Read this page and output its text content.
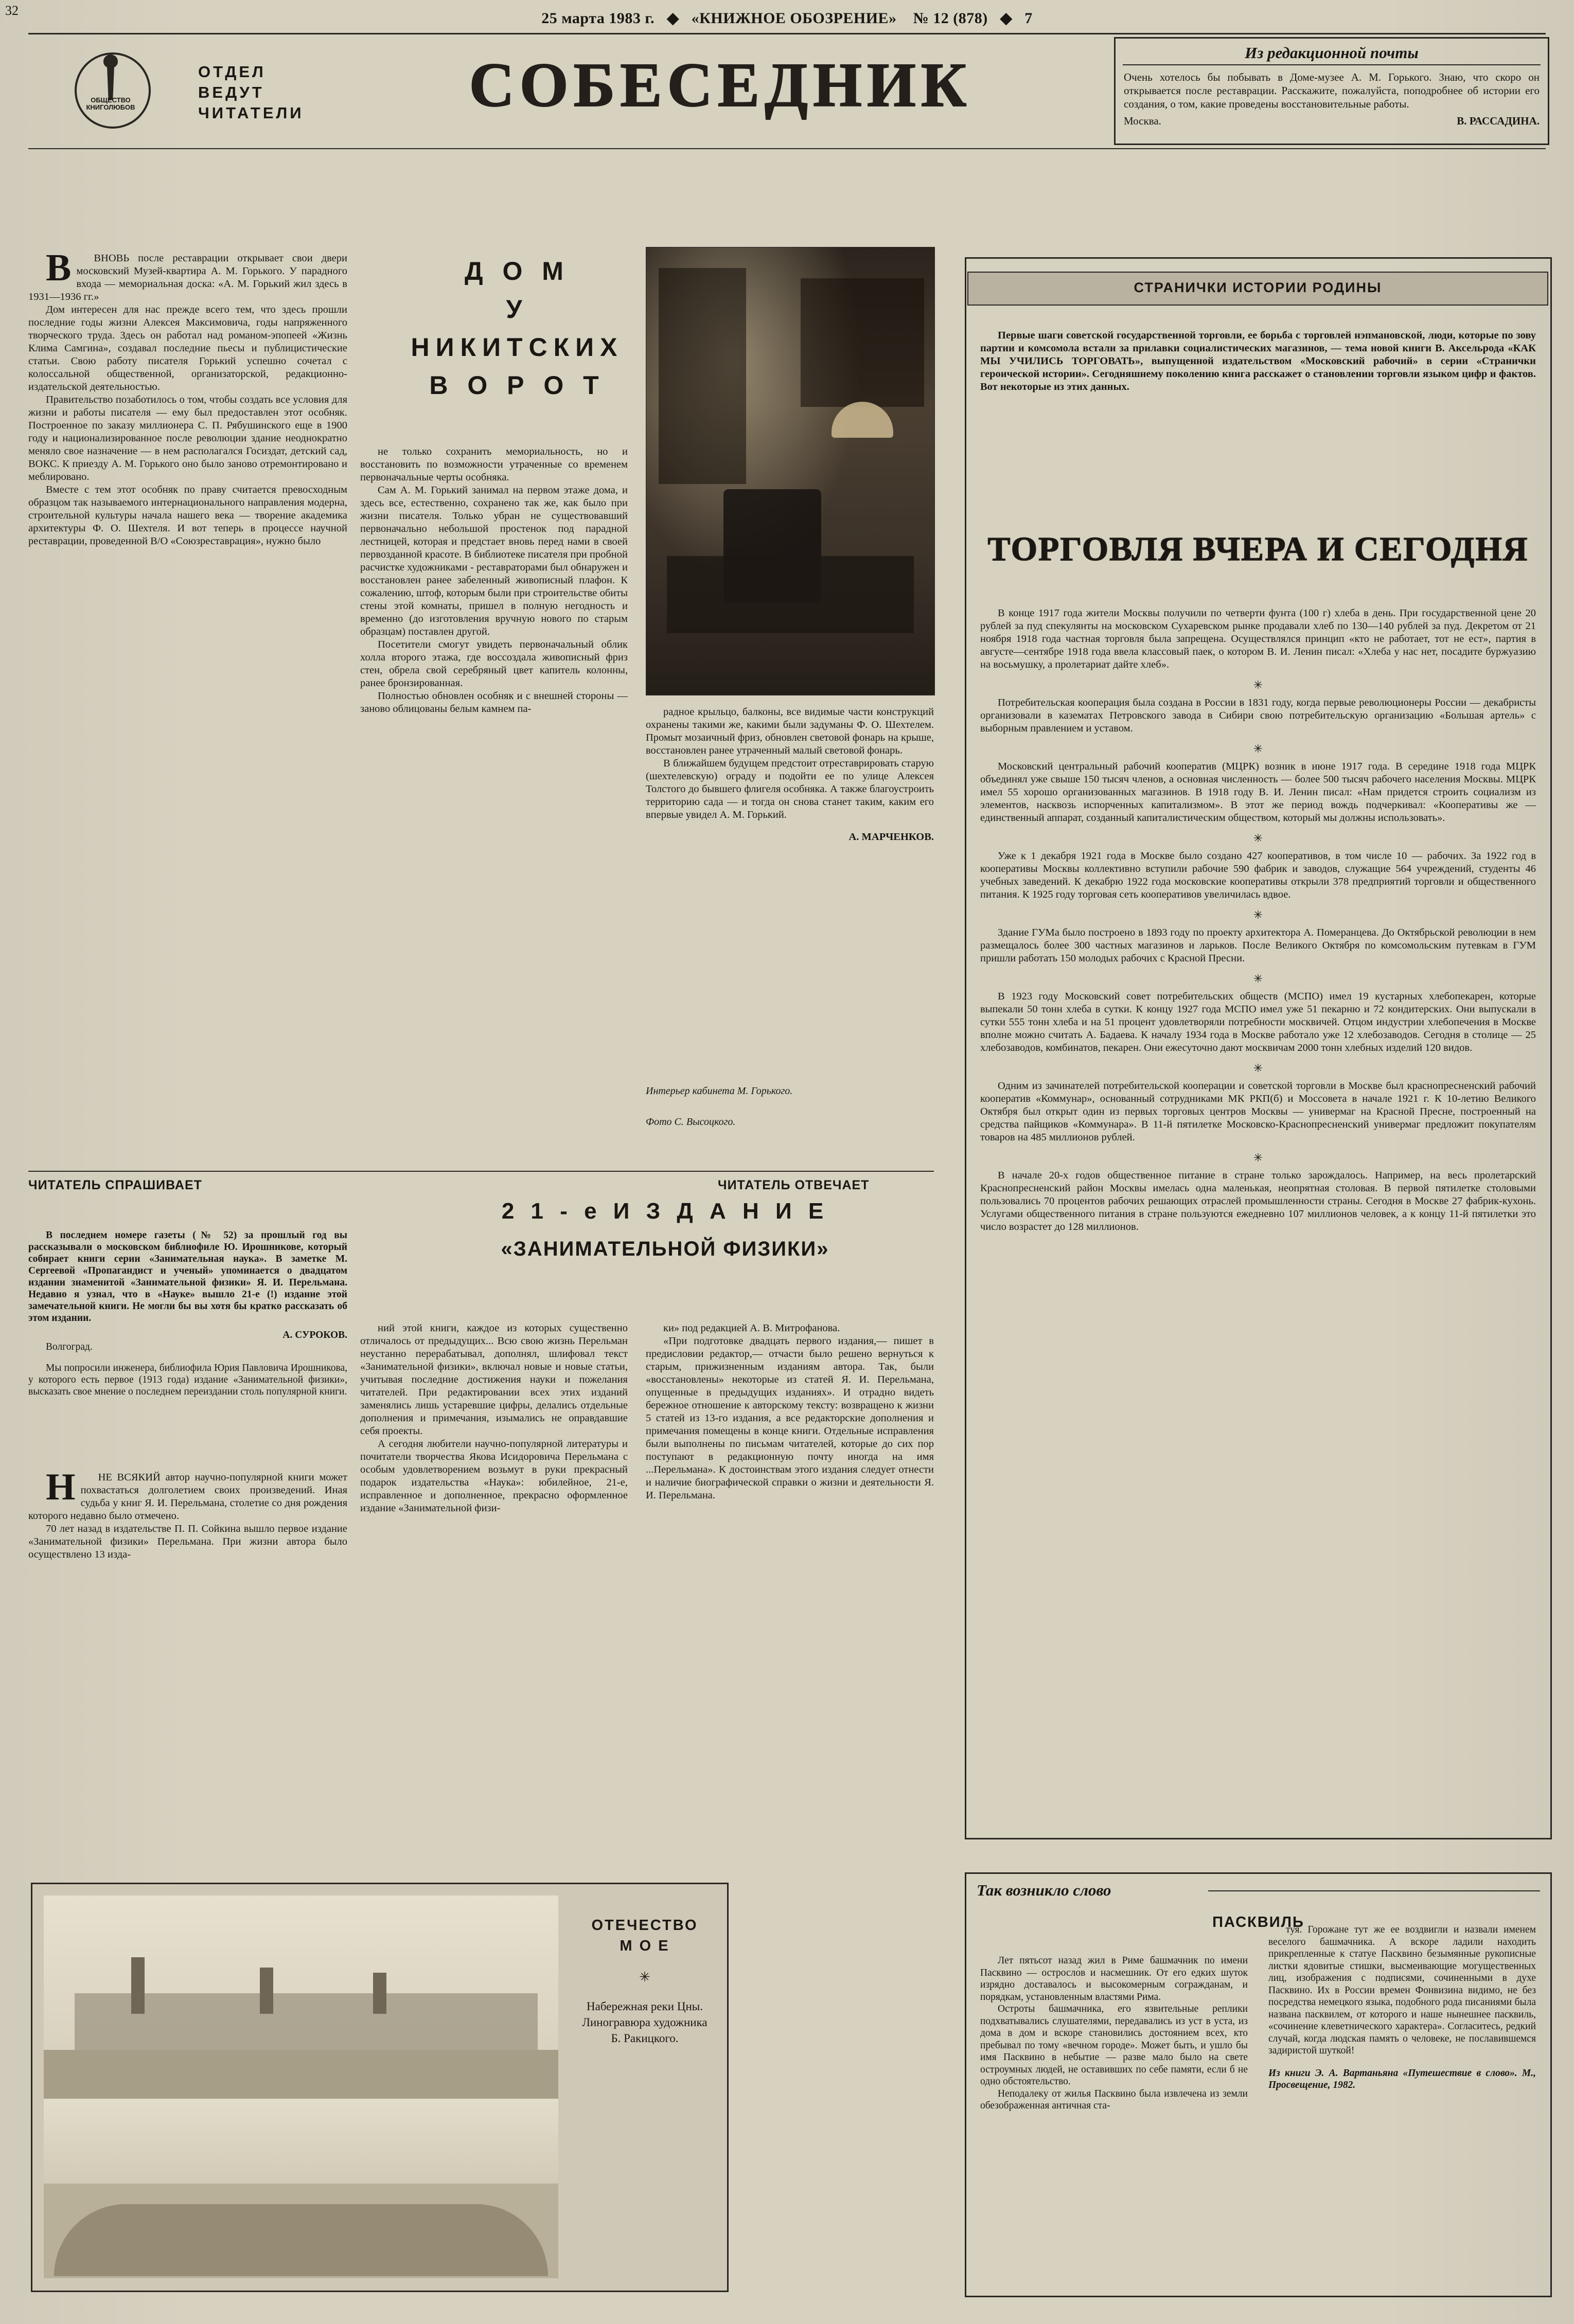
32	25 марта 1983 г.   ◆   «КНИЖНОЕ ОБОЗРЕНИЕ» № 12 (878)   ◆   7
ОБЩЕСТВО КНИГОЛЮБОВ
ОТДЕЛ
ВЕДУТ
ЧИТАТЕЛИ	СОБЕСЕДНИК	Из редакционной почты

Очень хотелось бы побывать в Доме-музее А. М. Горького. Знаю, что скоро он открывается после реставрации. Расскажите, пожалуйста, поподробнее об истории его создания, о том, какие проведены восстановительные работы.

Москва.	В. РАССАДИНА.
Д О М
У НИКИТСКИХ
В О Р О Т

В	ВНОВЬ после реставрации открывает свои двери московский Музей-квартира А. М. Горького. У парадного входа — мемориальная доска: «А. М. Горький жил здесь в 1931—1936 гг.»

Дом интересен для нас прежде всего тем, что здесь прошли последние годы жизни Алексея Максимовича, годы напряженного творческого труда. Здесь он работал над романом-эпопеей «Жизнь Клима Самгина», создавал последние пьесы и публицистические статьи. Свою работу писателя Горький успешно сочетал с колоссальной общественной, организаторской, редакционно-издательской деятельностью.

Правительство позаботилось о том, чтобы создать все условия для жизни и работы писателя — ему был предоставлен этот особняк. Построенное по заказу миллионера С. П. Рябушинского еще в 1900 году и национализированное после революции здание неоднократно меняло свое назначение — в нем располагался Госиздат, детский сад, ВОКС. К приезду А. М. Горького оно было заново отремонтировано и меблировано.

Вместе с тем этот особняк по праву считается превосходным образцом так называемого интернационального направления модерна, строительной культуры начала нашего века — творение академика архитектуры Ф. О. Шехтеля. И вот теперь в процессе научной реставрации, проведенной В/О «Союзреставрация», нужно было

не только сохранить мемориальность, но и восстановить по возможности утраченные со временем первоначальные черты особняка.

Сам А. М. Горький занимал на первом этаже дома, и здесь все, естественно, сохранено так же, как было при жизни писателя. Только убран не существовавший первоначально небольшой простенок под парадной лестницей, которая и предстает вновь перед нами в своей первозданной красоте. В библиотеке писателя при пробной расчистке художниками - реставраторами был обнаружен и восстановлен ранее забеленный живописный плафон. К сожалению, штоф, которым были при строительстве обиты стены этой комнаты, пришел в полную негодность и временно (до изготовления вручную нового по старым образцам) поставлен другой.

Посетители смогут увидеть первоначальный облик холла второго этажа, где воссоздала живописный фриз стен, обрела свой серебряный цвет капитель колонны, ранее бронзированная.

Полностью обновлен особняк и с внешней стороны — заново облицованы белым камнем па-	радное крыльцо, балконы, все видимые части конструкций охранены такими же, какими были задуманы Ф. О. Шехтелем. Промыт мозаичный фриз, обновлен световой фонарь на крыше, восстановлен ранее утраченный малый световой фонарь.

В ближайшем будущем предстоит отреставрировать старую (шехтелевскую) ограду и подойти ее по улице Алексея Толстого до бывшего флигеля особняка. А также благоустроить территорию сада — и тогда он снова станет таким, каким его впервые увидел А. М. Горький.

А. МАРЧЕНКОВ.

Интерьер кабинета М. Горького.
Фото С. Высоцкого.
ЧИТАТЕЛЬ СПРАШИВАЕТ	ЧИТАТЕЛЬ ОТВЕЧАЕТ
2 1 - е И З Д А Н И Е
«ЗАНИМАТЕЛЬНОЙ ФИЗИКИ»

В последнем номере газеты (№ 52) за прошлый год вы рассказывали о московском библиофиле Ю. Ирошникове, который собирает книги серии «Занимательная наука». В заметке М. Сергеевой «Пропагандист и ученый» упоминается о двадцатом издании знаменитой «Занимательной физики» Я. И. Перельмана. Недавно я узнал, что в «Науке» вышло 21-е (!) издание этой замечательной книги. Не могли бы вы хотя бы кратко рассказать об этом издании.

А. СУРОКОВ.

Волгоград.

Мы попросили инженера, библиофила Юрия Павловича Ирошникова, у которого есть первое (1913 года) издание «Занимательной физики», высказать свое мнение о последнем переиздании столь популярной книги.

Н	НЕ ВСЯКИЙ автор научно-популярной книги может похвастаться долголетием своих произведений. Иная судьба у книг Я. И. Перельмана, столетие со дня рождения которого недавно было отмечено.

70 лет назад в издательстве П. П. Сойкина вышло первое издание «Занимательной физики» Перельмана. При жизни автора было осуществлено 13 изда-

ний этой книги, каждое из которых существенно отличалось от предыдущих... Всю свою жизнь Перельман неустанно перерабатывал, дополнял, шлифовал текст «Занимательной физики», включал новые и новые статьи, учитывая последние достижения науки и пожелания читателей. При редактировании всех этих изданий заменялись лишь устаревшие цифры, делались отдельные дополнения и примечания, изымались не оправдавшие себя проекты.

А сегодня любители научно-популярной литературы и почитатели творчества Якова Исидоровича Перельмана с особым удовлетворением возьмут в руки прекрасный подарок издательства «Наука»: юбилейное, 21-е, исправленное и дополненное, прекрасно оформленное издание «Занимательной физи-

ки» под редакцией А. В. Митрофанова.

«При подготовке двадцать первого издания,— пишет в предисловии редактор,— отчасти было решено вернуться к старым, прижизненным изданиям автора. Так, были «восстановлены» некоторые из статей Я. И. Перельмана, опущенные в предыдущих изданиях». И отрадно видеть бережное отношение к авторскому тексту: возвращено к жизни 5 статей из 13-го издания, а все редакторские дополнения и примечания помещены в конце книги. Отдельные исправления были выполнены по письмам читателей, которые до сих пор поступают в редакционную почту иногда на имя ...Перельмана». К достоинствам этого издания следует отнести и наличие биографической справки о жизни и деятельности Я. И. Перельмана.

СТРАНИЧКИ ИСТОРИИ РОДИНЫ

Первые шаги советской государственной торговли, ее борьба с торговлей нэпмановской, люди, которые по зову партии и комсомола встали за прилавки социалистических магазинов, — тема новой книги В. Аксельрода «КАК МЫ УЧИЛИСЬ ТОРГОВАТЬ», выпущенной издательством «Московский рабочий» в серии «Странички героической истории». Сегодняшнему поколению книга расскажет о становлении торговли языком цифр и фактов. Вот некоторые из этих данных.

ТОРГОВЛЯ ВЧЕРА И СЕГОДНЯ

В конце 1917 года жители Москвы получили по четверти фунта (100 г) хлеба в день. При государственной цене 20 рублей за пуд спекулянты на московском Сухаревском рынке продавали хлеб по 130—140 рублей за пуд. Декретом от 21 ноября 1918 года частная торговля была запрещена. Осуществлялся принцип «кто не работает, тот не ест», партия в августе—сентябре 1918 года ввела классовый паек, о котором В. И. Ленин писал: «Хлеба у нас нет, посадите буржуазию на восьмушку, а пролетариат дайте хлеб».

✳

Потребительская кооперация была создана в России в 1831 году, когда первые революционеры России — декабристы организовали в казематах Петровского завода в Сибири свою потребительскую организацию «Большая артель» с выборным правлением и уставом.

✳

Московский центральный рабочий кооператив (МЦРК) возник в июне 1917 года. В середине 1918 года МЦРК объединял уже свыше 150 тысяч членов, а основная численность — более 500 тысяч рабочего населения Москвы. МЦРК имел 55 хорошо организованных магазинов. В 1918 году В. И. Ленин писал: «Нам придется строить социализм из элементов, насквозь испорченных капитализмом». В этот же период вождь подчеркивал: «Кооперативы же — единственный аппарат, созданный капиталистическим обществом, который мы должны использовать».

✳

Уже к 1 декабря 1921 года в Москве было создано 427 кооперативов, в том числе 10 — рабочих. За 1922 год в кооперативы Москвы коллективно вступили рабочие 590 фабрик и заводов, служащие 564 учреждений, студенты 46 учебных заведений. К декабрю 1922 года московские кооперативы открыли 378 предприятий торговли и общественного питания. К 1925 году торговая сеть кооперативов увеличилась вдвое.

✳

Здание ГУМа было построено в 1893 году по проекту архитектора А. Померанцева. До Октябрьской революции в нем размещалось более 300 частных магазинов и ларьков. После Великого Октября по комсомольским путевкам в ГУМ пришли работать 150 молодых рабочих с Красной Пресни.

✳

В 1923 году Московский совет потребительских обществ (МСПО) имел 19 кустарных хлебопекарен, которые выпекали 50 тонн хлеба в сутки. К концу 1927 года МСПО имел уже 51 пекарню и 72 кондитерских. Они выпускали в сутки 555 тонн хлеба и на 51 процент удовлетворяли потребности москвичей. Отцом индустрии хлебопечения в Москве вполне можно считать А. Бадаева. К началу 1934 года в Москве работало уже 12 хлебозаводов. Сегодня в столице — 25 хлебозаводов, комбинатов, пекарен. Они ежесуточно дают москвичам 2000 тонн хлебных изделий 120 видов.

✳

Одним из зачинателей потребительской кооперации и советской торговли в Москве был краснопресненский рабочий кооператив «Коммунар», основанный сотрудниками МК РКП(б) и Моссовета в начале 1921 г. К 10-летию Великого Октября был открыт один из первых торговых центров Москвы — универмаг на Красной Пресне, построенный на средства пайщиков «Коммунара». В 11-й пятилетке Московско-Краснопресненский универмаг предложит покупателям товаров на 485 миллионов рублей.

✳

В начале 20-х годов общественное питание в стране только зарождалось. Например, на весь пролетарский Краснопресненский район Москвы имелась одна маленькая, неопрятная столовая. В первой пятилетке столовыми пользовались 70 процентов рабочих решающих отраслей промышленности страны. Сегодня в Москве 27 фабрик-кухонь. Услугами общественного питания в стране пользуются ежедневно 107 миллионов человек, а к концу 11-й пятилетки это число возрастет до 128 миллионов.

ОТЕЧЕСТВО
М О Е
✳
Набережная реки Цны. Линогравюра художника Б. Ракицкого.
Так возникло слово
ПАСКВИЛЬ

Лет пятьсот назад жил в Риме башмачник по имени Пасквино — остросло́в и насмешник. От его едких шуток изрядно доставалось и высокомерным согражданам, и порядкам, установленным властями Рима.

Остроты башмачника, его язвительные реплики подхватывались слушателями, передавались из уст в уста, из дома в дом и вскоре становились достоянием всех, кто пребывал по тому «вечном городе». Может быть, и ушло бы имя Пасквино в небытие — разве мало было на свете остроумных людей, не оставивших по себе памяти, если б не одно обстоятельство.

Неподалеку от жилья Пасквино была извлечена из земли обезображенная античная ста-

туя. Горожане тут же ее воздвигли и назвали именем веселого башмачника. А вскоре ладили находить прикрепленные к статуе Пасквино безымянные рукописные листки ядовитые стишки, высмеивающие могущественных лиц, изображения с подписями, сочиненными в духе Пасквино. Их в России времен Фонвизина видимо, не без посредства немецкого языка, подобного рода писаниями была названа пасквилем, от которого и наше нынешнее пасквиль, «сочинение клеветнического характера». Согласитесь, редкий случай, когда людская память о человеке, не пославившемся задиристой шуткой!

Из книги Э. А. Вартаньяна «Путешествие в слово». М., Просвещение, 1982.
